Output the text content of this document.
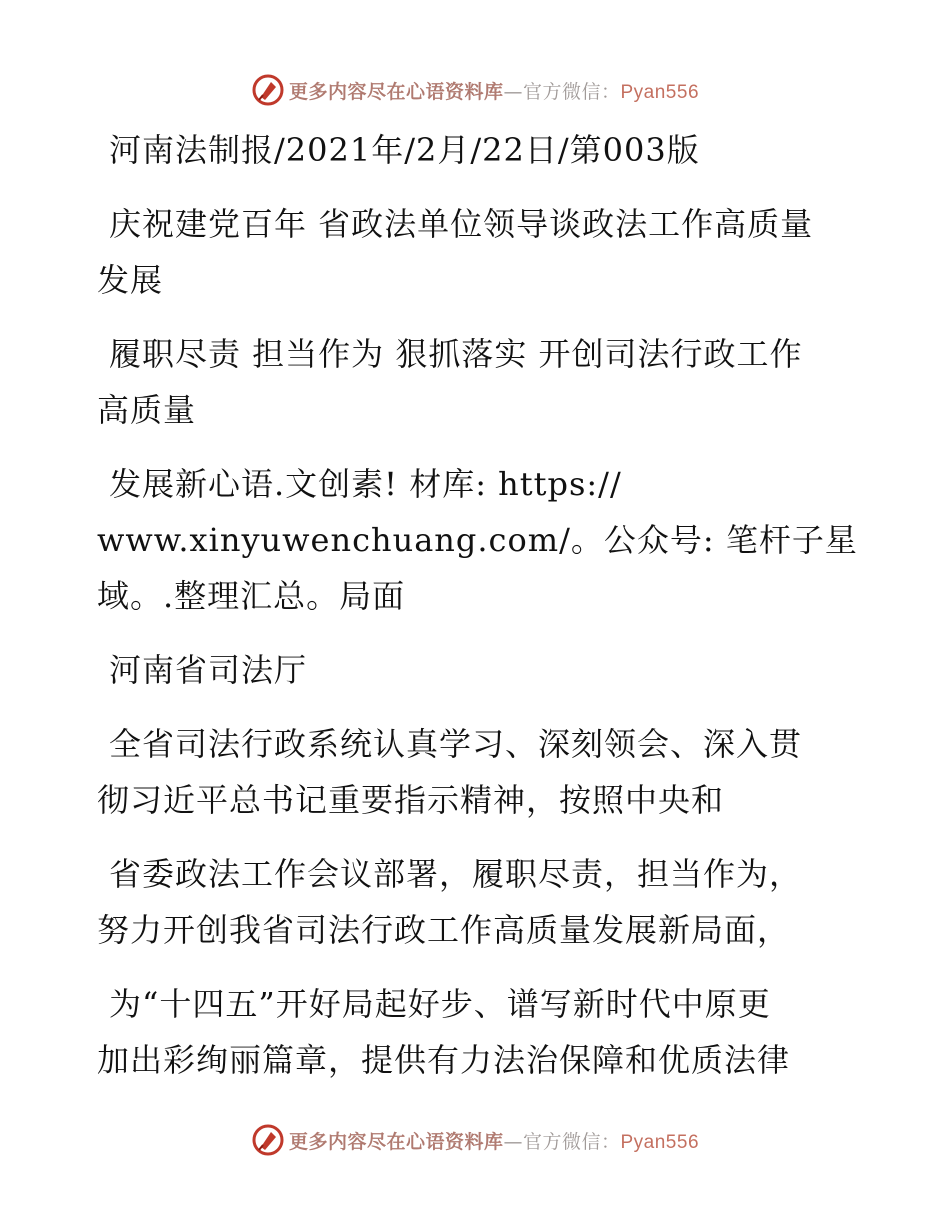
更多内容尽在心语资料库—官方微信：Pyan556
河南法制报/2021年/2月/22日/第003版
庆祝建党百年 省政法单位领导谈政法工作高质量
发展
履职尽责 担当作为 狠抓落实 开创司法行政工作
高质量
发展新心语.文创素! 材库: https://
www.xinyuwenchuang.com/。公众号: 笔杆子星
域。.整理汇总。局面
河南省司法厅
全省司法行政系统认真学习、深刻领会、深入贯
彻习近平总书记重要指示精神，按照中央和
省委政法工作会议部署，履职尽责，担当作为，
努力开创我省司法行政工作高质量发展新局面，
为“十四五”开好局起好步、谱写新时代中原更
加出彩绚丽篇章，提供有力法治保障和优质法律
更多内容尽在心语资料库—官方微信：Pyan556
